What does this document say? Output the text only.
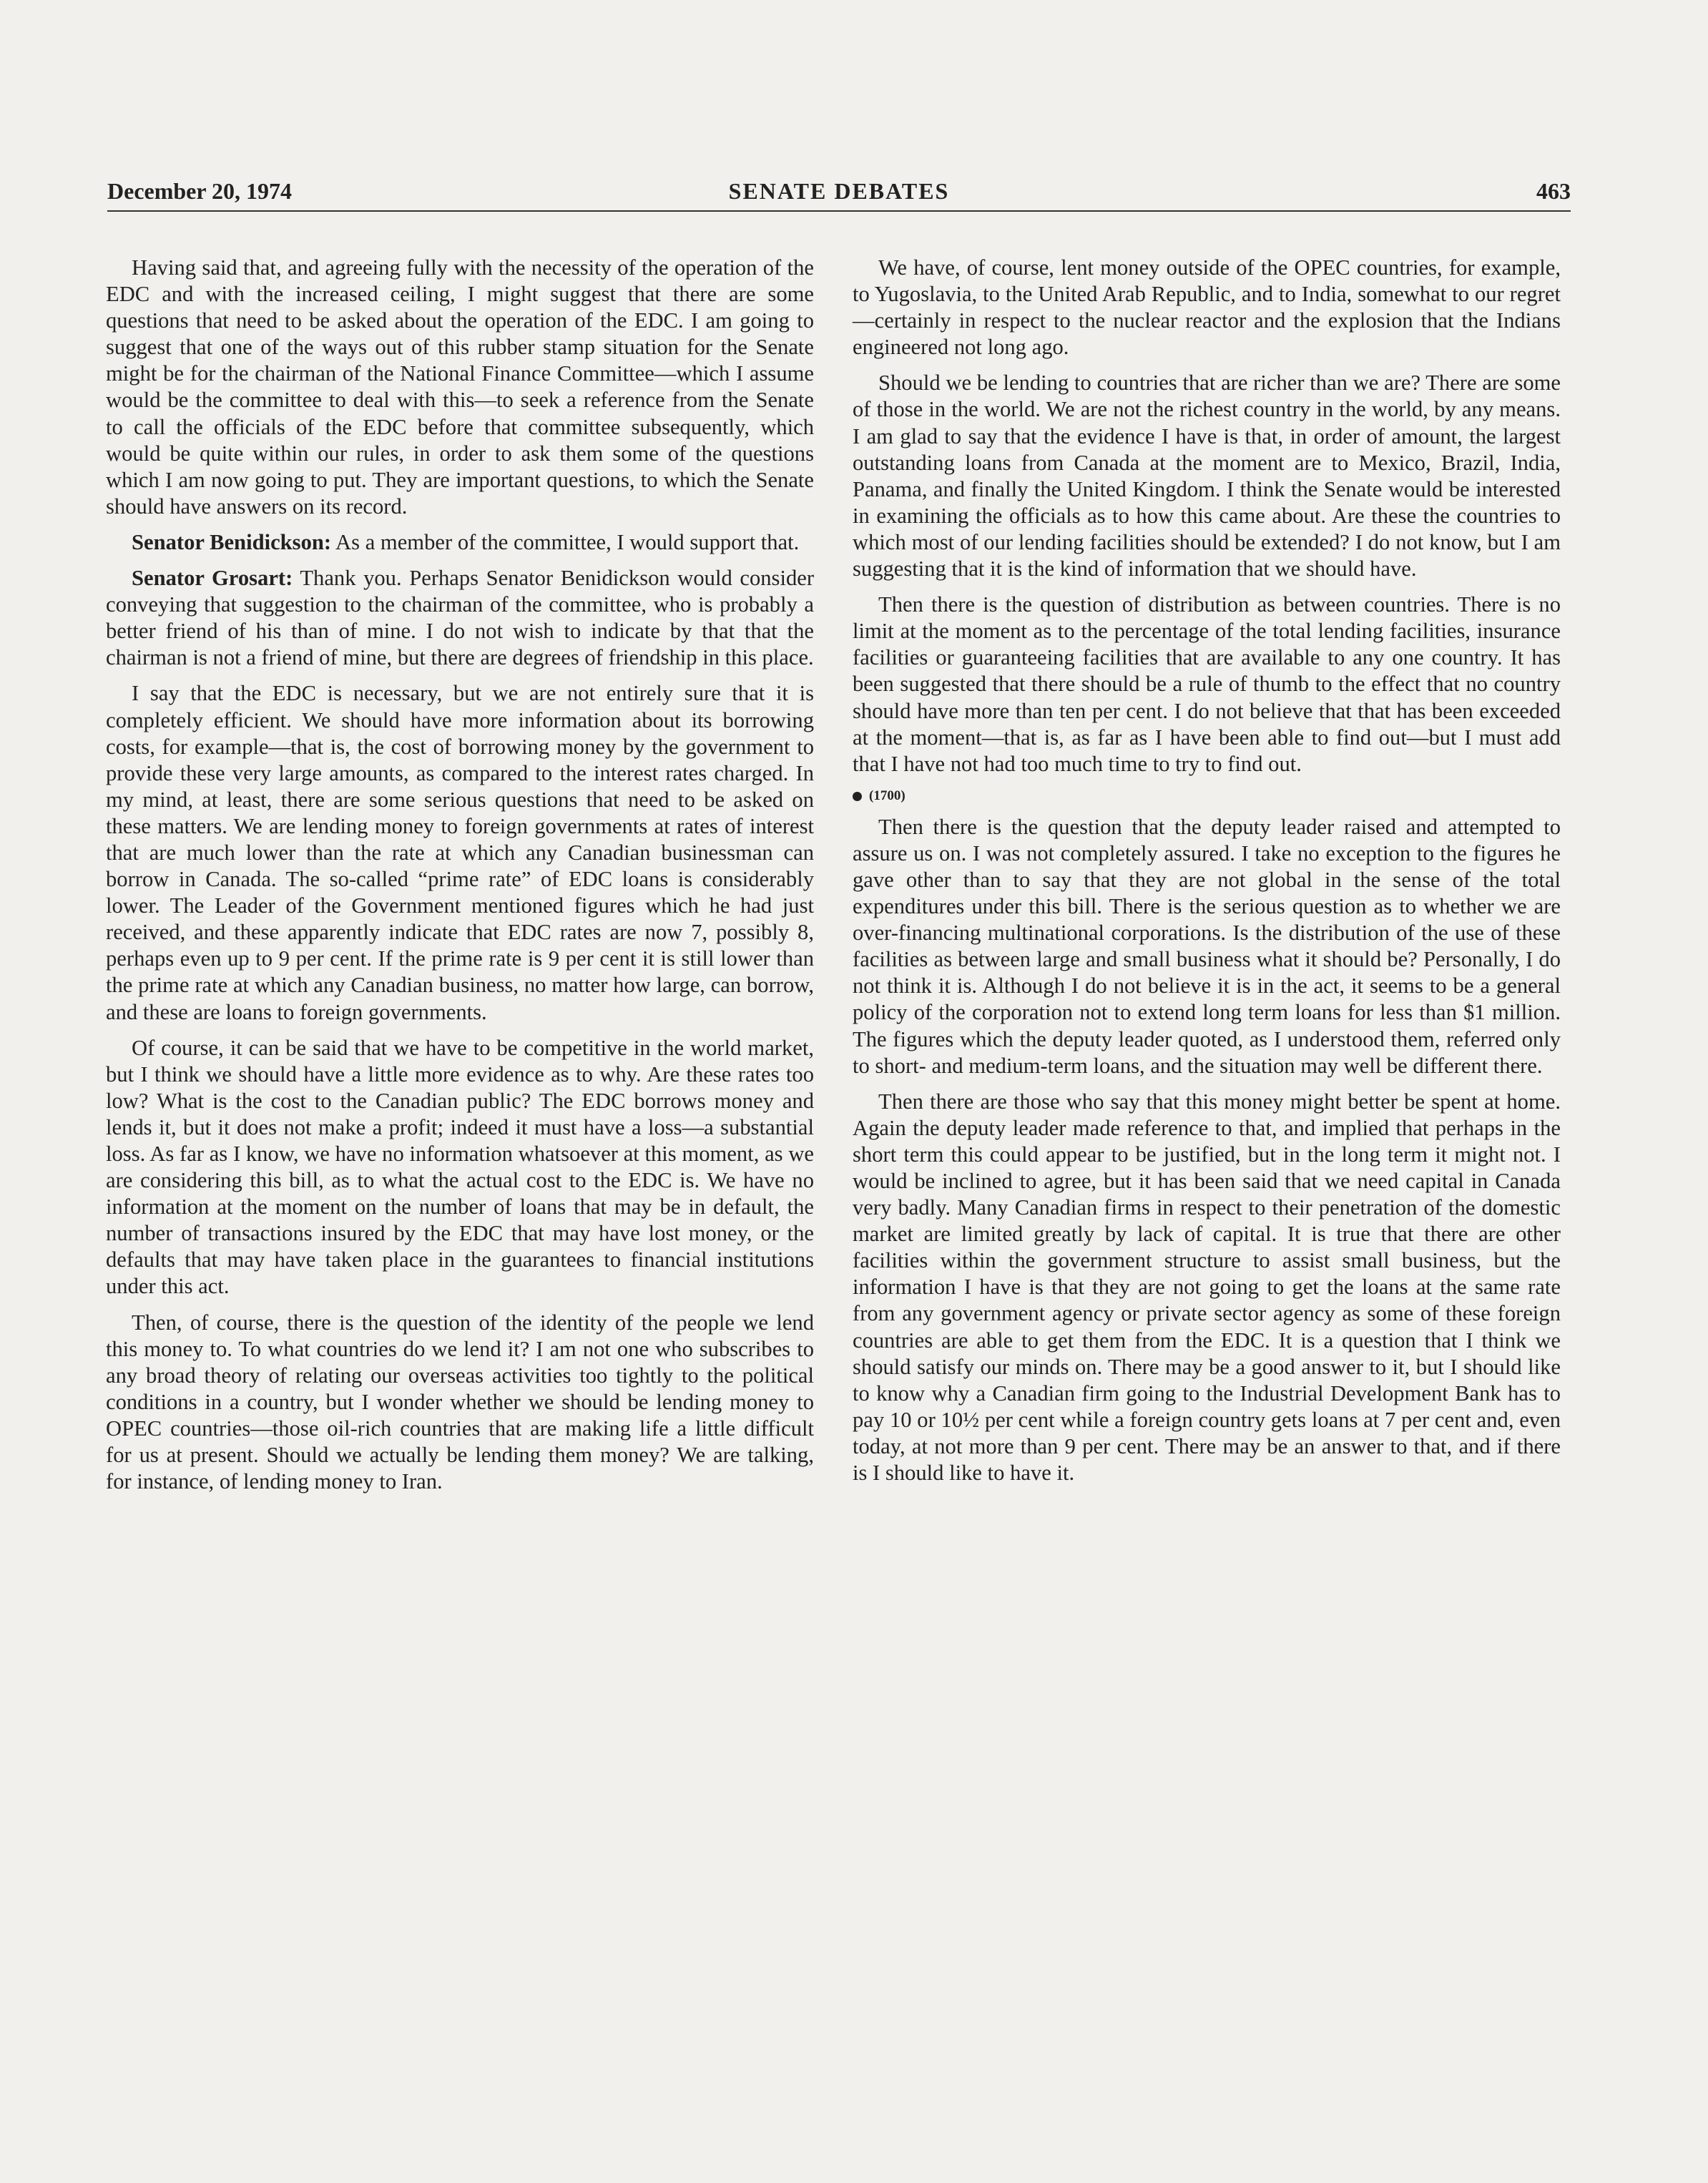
December 20, 1974	SENATE DEBATES	463

Having said that, and agreeing fully with the necessity of the operation of the EDC and with the increased ceiling, I might suggest that there are some questions that need to be asked about the operation of the EDC. I am going to suggest that one of the ways out of this rubber stamp situation for the Senate might be for the chairman of the National Finance Committee—which I assume would be the committee to deal with this—to seek a reference from the Senate to call the officials of the EDC before that committee subsequently, which would be quite within our rules, in order to ask them some of the questions which I am now going to put. They are important questions, to which the Senate should have answers on its record.

Senator Benidickson: As a member of the committee, I would support that.

Senator Grosart: Thank you. Perhaps Senator Benidickson would consider conveying that suggestion to the chairman of the committee, who is probably a better friend of his than of mine. I do not wish to indicate by that that the chairman is not a friend of mine, but there are degrees of friendship in this place.

I say that the EDC is necessary, but we are not entirely sure that it is completely efficient. We should have more information about its borrowing costs, for example—that is, the cost of borrowing money by the government to provide these very large amounts, as compared to the interest rates charged. In my mind, at least, there are some serious questions that need to be asked on these matters. We are lending money to foreign governments at rates of interest that are much lower than the rate at which any Canadian businessman can borrow in Canada. The so-called “prime rate” of EDC loans is considerably lower. The Leader of the Government mentioned figures which he had just received, and these apparently indicate that EDC rates are now 7, possibly 8, perhaps even up to 9 per cent. If the prime rate is 9 per cent it is still lower than the prime rate at which any Canadian business, no matter how large, can borrow, and these are loans to foreign governments.

Of course, it can be said that we have to be competitive in the world market, but I think we should have a little more evidence as to why. Are these rates too low? What is the cost to the Canadian public? The EDC borrows money and lends it, but it does not make a profit; indeed it must have a loss—a substantial loss. As far as I know, we have no information whatsoever at this moment, as we are considering this bill, as to what the actual cost to the EDC is. We have no information at the moment on the number of loans that may be in default, the number of transactions insured by the EDC that may have lost money, or the defaults that may have taken place in the guarantees to financial institutions under this act.

Then, of course, there is the question of the identity of the people we lend this money to. To what countries do we lend it? I am not one who subscribes to any broad theory of relating our overseas activities too tightly to the political conditions in a country, but I wonder whether we should be lending money to OPEC countries—those oil-rich countries that are making life a little difficult for us at present. Should we actually be lending them money? We are talking, for instance, of lending money to Iran.

We have, of course, lent money outside of the OPEC countries, for example, to Yugoslavia, to the United Arab Republic, and to India, somewhat to our regret—certainly in respect to the nuclear reactor and the explosion that the Indians engineered not long ago.

Should we be lending to countries that are richer than we are? There are some of those in the world. We are not the richest country in the world, by any means. I am glad to say that the evidence I have is that, in order of amount, the largest outstanding loans from Canada at the moment are to Mexico, Brazil, India, Panama, and finally the United Kingdom. I think the Senate would be interested in examining the officials as to how this came about. Are these the countries to which most of our lending facilities should be extended? I do not know, but I am suggesting that it is the kind of information that we should have.

Then there is the question of distribution as between countries. There is no limit at the moment as to the percentage of the total lending facilities, insurance facilities or guaranteeing facilities that are available to any one country. It has been suggested that there should be a rule of thumb to the effect that no country should have more than ten per cent. I do not believe that that has been exceeded at the moment—that is, as far as I have been able to find out—but I must add that I have not had too much time to try to find out.

(1700)

Then there is the question that the deputy leader raised and attempted to assure us on. I was not completely assured. I take no exception to the figures he gave other than to say that they are not global in the sense of the total expenditures under this bill. There is the serious question as to whether we are over-financing multinational corporations. Is the distribution of the use of these facilities as between large and small business what it should be? Personally, I do not think it is. Although I do not believe it is in the act, it seems to be a general policy of the corporation not to extend long term loans for less than $1 million. The figures which the deputy leader quoted, as I understood them, referred only to short- and medium-term loans, and the situation may well be different there.

Then there are those who say that this money might better be spent at home. Again the deputy leader made reference to that, and implied that perhaps in the short term this could appear to be justified, but in the long term it might not. I would be inclined to agree, but it has been said that we need capital in Canada very badly. Many Canadian firms in respect to their penetration of the domestic market are limited greatly by lack of capital. It is true that there are other facilities within the government structure to assist small business, but the information I have is that they are not going to get the loans at the same rate from any government agency or private sector agency as some of these foreign countries are able to get them from the EDC. It is a question that I think we should satisfy our minds on. There may be a good answer to it, but I should like to know why a Canadian firm going to the Industrial Development Bank has to pay 10 or 10½ per cent while a foreign country gets loans at 7 per cent and, even today, at not more than 9 per cent. There may be an answer to that, and if there is I should like to have it.
